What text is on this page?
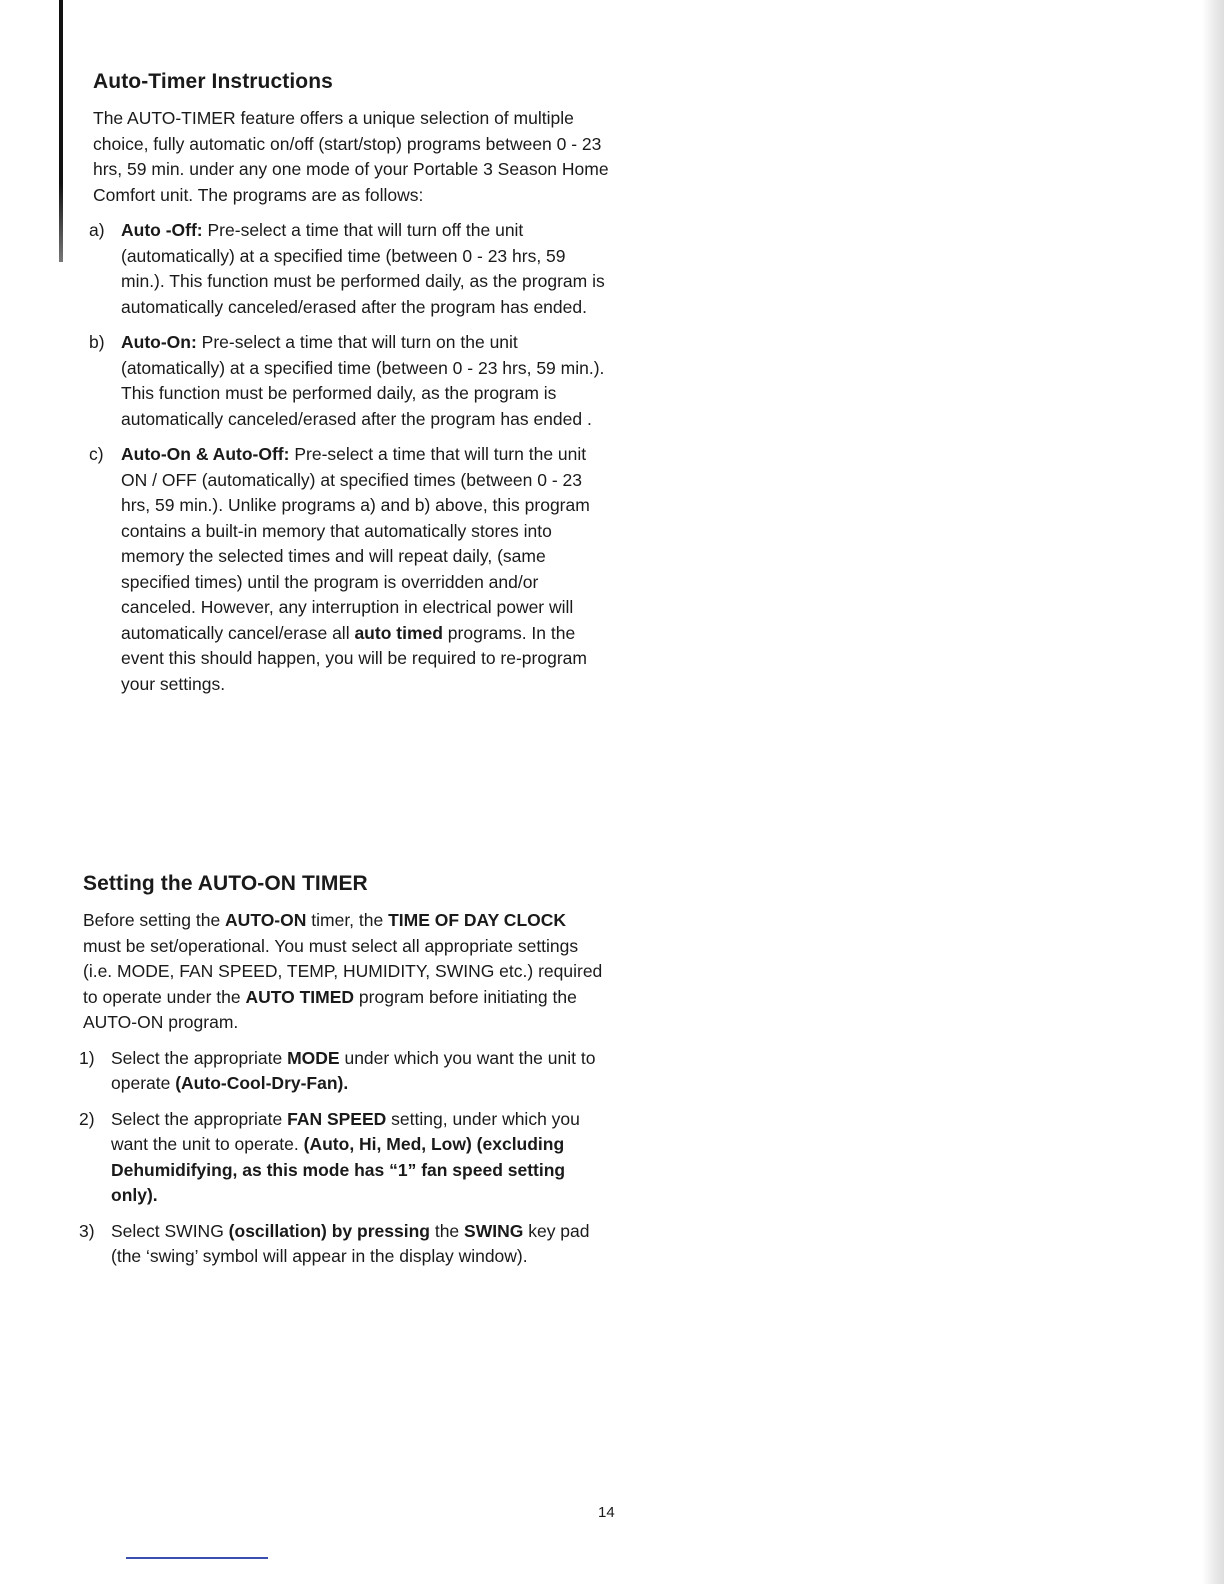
Auto-Timer Instructions

The AUTO-TIMER feature offers a unique selection of multiple choice, fully automatic on/off (start/stop) programs between 0 - 23 hrs, 59 min. under any one mode of your Portable 3 Season Home Comfort unit. The programs are as follows:

a) Auto -Off: Pre-select a time that will turn off the unit (automatically) at a specified time (between 0 - 23 hrs, 59 min.). This function must be performed daily, as the program is automatically canceled/erased after the program has ended.
b) Auto-On: Pre-select a time that will turn on the unit (atomatically) at a specified time (between 0 - 23 hrs, 59 min.). This function must be performed daily, as the program is automatically canceled/erased after the program has ended .
c) Auto-On & Auto-Off: Pre-select a time that will turn the unit ON / OFF (automatically) at specified times (between 0 - 23 hrs, 59 min.). Unlike programs a) and b) above, this program contains a built-in memory that automatically stores into memory the selected times and will repeat daily, (same specified times) until the program is overridden and/or canceled. However, any interruption in electrical power will automatically cancel/erase all auto timed programs. In the event this should happen, you will be required to re-program your settings.
Setting the AUTO-ON TIMER

Before setting the AUTO-ON timer, the TIME OF DAY CLOCK must be set/operational. You must select all appropriate settings (i.e. MODE, FAN SPEED, TEMP, HUMIDITY, SWING etc.) required to operate under the AUTO TIMED program before initiating the AUTO-ON program.

1) Select the appropriate MODE under which you want the unit to operate (Auto-Cool-Dry-Fan).
2) Select the appropriate FAN SPEED setting, under which you want the unit to operate. (Auto, Hi, Med, Low) (excluding Dehumidifying, as this mode has “1” fan speed setting only).
3) Select SWING (oscillation) by pressing the SWING key pad (the ‘swing’ symbol will appear in the display window).
14
